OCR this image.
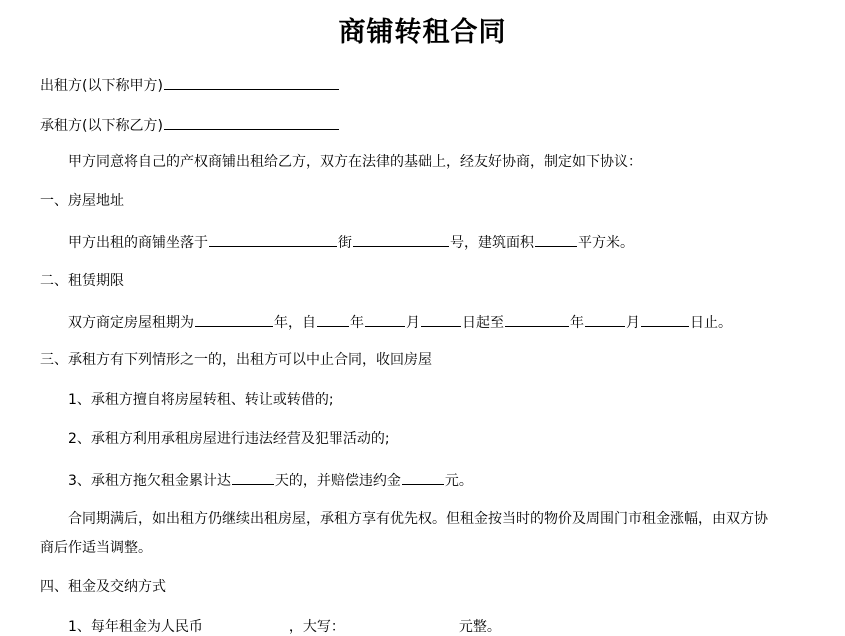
商铺转租合同
出租方(以下称甲方)
承租方(以下称乙方)
甲方同意将自己的产权商铺出租给乙方，双方在法律的基础上，经友好协商，制定如下协议：
一、房屋地址
甲方出租的商铺坐落于	街	号，建筑面积	平方米。
二、租赁期限
双方商定房屋租期为	年，自 年	月	日起至	年	月	日止。
三、承租方有下列情形之一的，出租方可以中止合同，收回房屋
1、承租方擅自将房屋转租、转让或转借的;
2、承租方利用承租房屋进行违法经营及犯罪活动的;
3、承租方拖欠租金累计达	天的，并赔偿违约金	元。
合同期满后，如出租方仍继续出租房屋，承租方享有优先权。但租金按当时的物价及周围门市租金涨幅，由双方协
商后作适当调整。
四、租金及交纳方式
1、每年租金为人民币	，大写：	元整。
